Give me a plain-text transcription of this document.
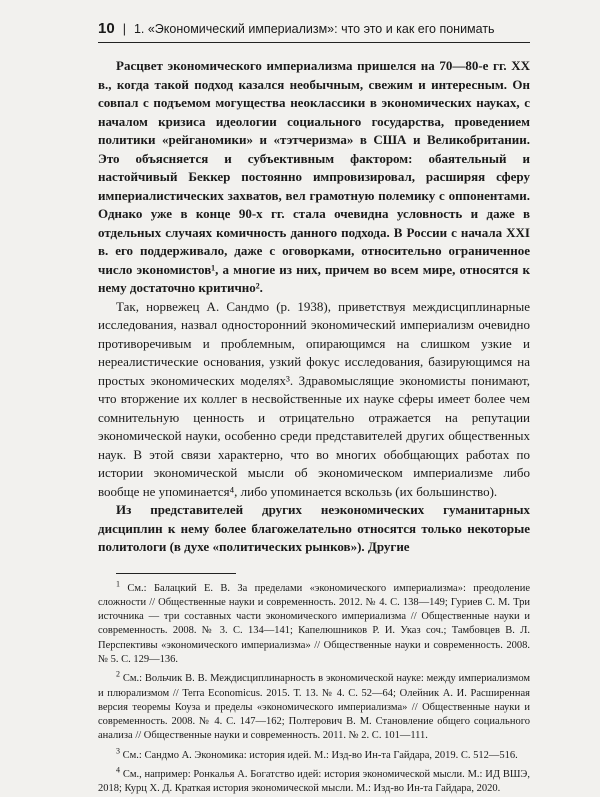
10 | 1. «Экономический империализм»: что это и как его понимать

Расцвет экономического империализма пришелся на 70—80-е гг. XX в., когда такой подход казался необычным, свежим и интересным. Он совпал с подъемом могущества неоклассики в экономических науках, с началом кризиса идеологии социального государства, проведением политики «рейганомики» и «тэтчеризма» в США и Великобритании. Это объясняется и субъективным фактором: обаятельный и настойчивый Беккер постоянно импровизировал, расширяя сферу империалистических захватов, вел грамотную полемику с оппонентами. Однако уже в конце 90-х гг. стала очевидна условность и даже в отдельных случаях комичность данного подхода. В России с начала XXI в. его поддерживало, даже с оговорками, относительно ограниченное число экономистов¹, а многие из них, причем во всем мире, относятся к нему достаточно критично².

Так, норвежец А. Сандмо (р. 1938), приветствуя междисциплинарные исследования, назвал односторонний экономический империализм очевидно противоречивым и проблемным, опирающимся на слишком узкие и нереалистические основания, узкий фокус исследования, базирующимся на простых экономических моделях³. Здравомыслящие экономисты понимают, что вторжение их коллег в несвойственные их науке сферы имеет более чем сомнительную ценность и отрицательно отражается на репутации экономической науки, особенно среди представителей других общественных наук. В этой связи характерно, что во многих обобщающих работах по истории экономической мысли об экономическом империализме либо вообще не упоминается⁴, либо упоминается вскользь (их большинство).

Из представителей других неэкономических гуманитарных дисциплин к нему более благожелательно относятся только некоторые политологи (в духе «политических рынков»). Другие

$^1$ См.: Балацкий Е. В. За пределами «экономического империализма»: преодоление сложности // Общественные науки и современность. 2012. № 4. С. 138—149; Гуриев С. М. Три источника — три составных части экономического империализма // Общественные науки и современность. 2008. № 3. С. 134—141; Капелюшников Р. И. Указ соч.; Тамбовцев В. Л. Перспективы «экономического империализма» // Общественные науки и современность. 2008. № 5. С. 129—136.

$^2$ См.: Вольчик В. В. Междисциплинарность в экономической науке: между империализмом и плюрализмом // Terra Economicus. 2015. Т. 13. № 4. С. 52—64; Олейник А. И. Расширенная версия теоремы Коуза и пределы «экономического империализма» // Общественные науки и современность. 2008. № 4. С. 147—162; Полтерович В. М. Становление общего социального анализа // Общественные науки и современность. 2011. № 2. С. 101—111.

$^3$ См.: Сандмо А. Экономика: история идей. М.: Изд-во Ин-та Гайдара, 2019. С. 512—516.

$^4$ См., например: Ронкалья А. Богатство идей: история экономической мысли. М.: ИД ВШЭ, 2018; Курц Х. Д. Краткая история экономической мысли. М.: Изд-во Ин-та Гайдара, 2020.
